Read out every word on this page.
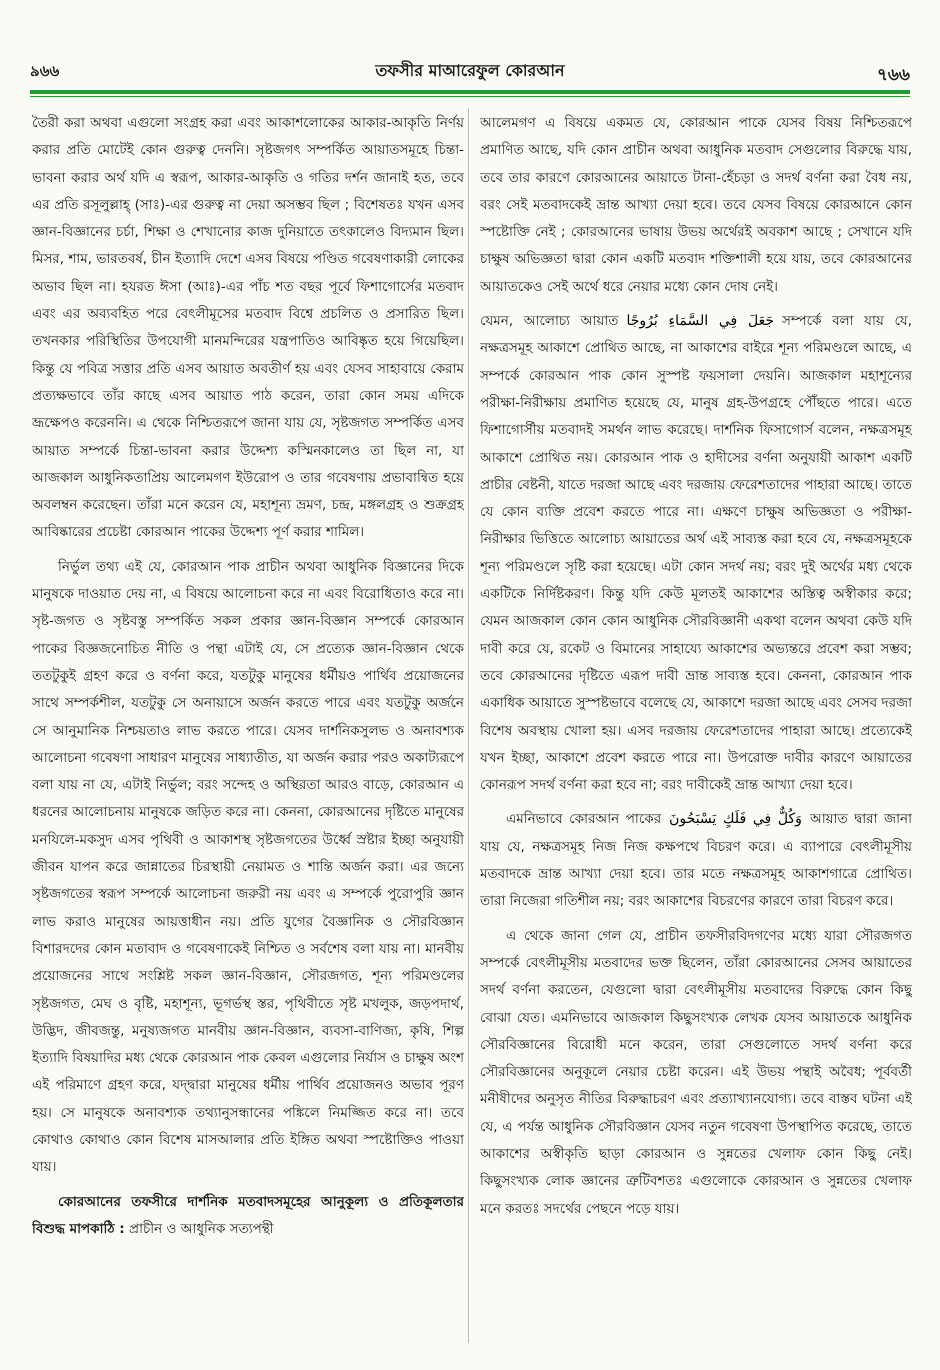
৯৬৬	তফসীর মাআরেফুল কোরআন	৭৬৬

তৈরী করা অথবা এগুলো সংগ্রহ করা এবং আকাশলোকের আকার-আকৃতি নির্ণয় করার প্রতি মোটেই কোন গুরুত্ব দেননি। সৃষ্টজগৎ সম্পর্কিত আয়াতসমূহে চিন্তা-ভাবনা করার অর্থ যদি এ স্বরূপ, আকার-আকৃতি ও গতির দর্শন জানাই হত, তবে এর প্রতি রসূলুল্লাহ্ (সাঃ)-এর গুরুত্ব না দেয়া অসম্ভব ছিল ; বিশেষতঃ যখন এসব জ্ঞান-বিজ্ঞানের চর্চা, শিক্ষা ও শেখানোর কাজ দুনিয়াতে তৎকালেও বিদ্যমান ছিল। মিসর, শাম, ভারতবর্ষ, চীন ইত্যাদি দেশে এসব বিষয়ে পণ্ডিত গবেষণাকারী লোকের অভাব ছিল না। হযরত ঈসা (আঃ)-এর পাঁচ শত বছর পূর্বে ফিশাগোর্সের মতবাদ এবং এর অব্যবহিত পরে বেৎলীমূসের মতবাদ বিশ্বে প্রচলিত ও প্রসারিত ছিল। তখনকার পরিস্থিতির উপযোগী মানমন্দিরের যন্ত্রপাতিও আবিষ্কৃত হয়ে গিয়েছিল। কিন্তু যে পবিত্র সত্তার প্রতি এসব আয়াত অবতীর্ণ হয় এবং যেসব সাহাবায়ে কেরাম প্রত্যক্ষভাবে তাঁর কাছে এসব আয়াত পাঠ করেন, তারা কোন সময় এদিকে ভ্রূক্ষেপও করেননি। এ থেকে নিশ্চিতরূপে জানা যায় যে, সৃষ্টজগত সম্পর্কিত এসব আয়াত সম্পর্কে চিন্তা-ভাবনা করার উদ্দেশ্য কস্মিনকালেও তা ছিল না, যা আজকাল আধুনিকতাপ্রিয় আলেমগণ ইউরোপ ও তার গবেষণায় প্রভাবান্বিত হয়ে অবলম্বন করেছেন। তাঁরা মনে করেন যে, মহাশূন্য ভ্রমণ, চন্দ্র, মঙ্গলগ্রহ ও শুক্রগ্রহ আবিষ্কারের প্রচেষ্টা কোরআন পাকের উদ্দেশ্য পূর্ণ করার শামিল।

নির্ভুল তথ্য এই যে, কোরআন পাক প্রাচীন অথবা আধুনিক বিজ্ঞানের দিকে মানুষকে দাওয়াত দেয় না, এ বিষয়ে আলোচনা করে না এবং বিরোধিতাও করে না। সৃষ্ট-জগত ও সৃষ্টবস্তু সম্পর্কিত সকল প্রকার জ্ঞান-বিজ্ঞান সম্পর্কে কোরআন পাকের বিজ্ঞজনোচিত নীতি ও পন্থা এটাই যে, সে প্রত্যেক জ্ঞান-বিজ্ঞান থেকে ততটুকুই গ্রহণ করে ও বর্ণনা করে, যতটুকু মানুষের ধর্মীয়ও পার্থিব প্রয়োজনের সাথে সম্পর্কশীল, যতটুকু সে অনায়াসে অর্জন করতে পারে এবং যতটুকু অর্জনে সে আনুমানিক নিশ্চয়তাও লাভ করতে পারে। যেসব দার্শনিকসুলভ ও অনাবশ্যক আলোচনা গবেষণা সাধারণ মানুষের সাধ্যাতীত, যা অর্জন করার পরও অকাট্যরূপে বলা যায় না যে, এটাই নির্ভুল; বরং সন্দেহ ও অস্থিরতা আরও বাড়ে, কোরআন এ ধরনের আলোচনায় মানুষকে জড়িত করে না। কেননা, কোরআনের দৃষ্টিতে মানুষের মনযিলে-মকসুদ এসব পৃথিবী ও আকাশস্থ সৃষ্টজগতের উর্ধ্বে স্রষ্টার ইচ্ছা অনুযায়ী জীবন যাপন করে জান্নাতের চিরস্থায়ী নেয়ামত ও শান্তি অর্জন করা। এর জন্যে সৃষ্টজগতের স্বরূপ সম্পর্কে আলোচনা জরুরী নয় এবং এ সম্পর্কে পুরোপুরি জ্ঞান লাভ করাও মানুষের আয়ত্তাধীন নয়। প্রতি যুগের বৈজ্ঞানিক ও সৌরবিজ্ঞান বিশারদদের কোন মতাবাদ ও গবেষণাকেই নিশ্চিত ও সর্বশেষ বলা যায় না। মানবীয় প্রয়োজনের সাথে সংশ্লিষ্ট সকল জ্ঞান-বিজ্ঞান, সৌরজগত, শূন্য পরিমণ্ডলের সৃষ্টজগত, মেঘ ও বৃষ্টি, মহাশূন্য, ভূগর্ভস্থ স্তর, পৃথিবীতে সৃষ্ট মখলুক, জড়পদার্থ, উদ্ভিদ, জীবজন্তু, মনুষ্যজগত মানবীয় জ্ঞান-বিজ্ঞান, ব্যবসা-বাণিজ্য, কৃষি, শিল্প ইত্যাদি বিষয়াদির মধ্য থেকে কোরআন পাক কেবল এগুলোর নির্যাস ও চাক্ষুষ অংশ এই পরিমাণে গ্রহণ করে, যদ্দ্বারা মানুষের ধর্মীয় পার্থিব প্রয়োজনও অভাব পূরণ হয়। সে মানুষকে অনাবশ্যক তথ্যানুসন্ধানের পঙ্কিলে নিমজ্জিত করে না। তবে কোথাও কোথাও কোন বিশেষ মাসআলার প্রতি ইঙ্গিত অথবা স্পষ্টোক্তিও পাওয়া যায়।

কোরআনের তফসীরে দার্শনিক মতবাদসমূহের আনুকূল্য ও প্রতিকূলতার বিশুদ্ধ মাপকাঠি : প্রাচীন ও আধুনিক সত্যপন্থী

আলেমগণ এ বিষয়ে একমত যে, কোরআন পাকে যেসব বিষয় নিশ্চিতরূপে প্রমাণিত আছে, যদি কোন প্রাচীন অথবা আধুনিক মতবাদ সেগুলোর বিরুদ্ধে যায়, তবে তার কারণে কোরআনের আয়াতে টানা-হেঁচড়া ও সদর্থ বর্ণনা করা বৈধ নয়, বরং সেই মতবাদকেই ভ্রান্ত আখ্যা দেয়া হবে। তবে যেসব বিষয়ে কোরআনে কোন স্পষ্টোক্তি নেই ; কোরআনের ভাষায় উভয় অর্থেরই অবকাশ আছে ; সেখানে যদি চাক্ষুষ অভিজ্ঞতা দ্বারা কোন একটি মতবাদ শক্তিশালী হয়ে যায়, তবে কোরআনের আয়াতকেও সেই অর্থে ধরে নেয়ার মধ্যে কোন দোষ নেই।

যেমন, আলোচ্য আয়াত جَعَلَ فِي السَّمَاءِ بُرُوجًا সম্পর্কে বলা যায় যে, নক্ষত্রসমূহ আকাশে প্রোথিত আছে, না আকাশের বাইরে শূন্য পরিমণ্ডলে আছে, এ সম্পর্কে কোরআন পাক কোন সুস্পষ্ট ফয়সালা দেয়নি। আজকাল মহাশূন্যের পরীক্ষা-নিরীক্ষায় প্রমাণিত হয়েছে যে, মানুষ গ্রহ-উপগ্রহে পৌঁছতে পারে। এতে ফিশাগোর্সীয় মতবাদই সমর্থন লাভ করেছে। দার্শনিক ফিসাগোর্স বলেন, নক্ষত্রসমূহ আকাশে প্রোথিত নয়। কোরআন পাক ও হাদীসের বর্ণনা অনুযায়ী আকাশ একটি প্রাচীর বেষ্টনী, যাতে দরজা আছে এবং দরজায় ফেরেশতাদের পাহারা আছে। তাতে যে কোন ব্যক্তি প্রবেশ করতে পারে না। এক্ষণে চাক্ষুষ অভিজ্ঞতা ও পরীক্ষা-নিরীক্ষার ভিত্তিতে আলোচ্য আয়াতের অর্থ এই সাব্যস্ত করা হবে যে, নক্ষত্রসমূহকে শূন্য পরিমণ্ডলে সৃষ্টি করা হয়েছে। এটা কোন সদর্থ নয়; বরং দুই অর্থের মধ্য থেকে একটিকে নির্দিষ্টকরণ। কিন্তু যদি কেউ মূলতই আকাশের অস্তিত্ব অস্বীকার করে; যেমন আজকাল কোন কোন আধুনিক সৌরবিজ্ঞানী একথা বলেন অথবা কেউ যদি দাবী করে যে, রকেট ও বিমানের সাহায্যে আকাশের অভ্যন্তরে প্রবেশ করা সম্ভব; তবে কোরআনের দৃষ্টিতে এরূপ দাবী ভ্রান্ত সাব্যস্ত হবে। কেননা, কোরআন পাক একাধিক আয়াতে সুস্পষ্টভাবে বলেছে যে, আকাশে দরজা আছে এবং সেসব দরজা বিশেষ অবস্থায় খোলা হয়। এসব দরজায় ফেরেশতাদের পাহারা আছে। প্রত্যেকেই যখন ইচ্ছা, আকাশে প্রবেশ করতে পারে না। উপরোক্ত দাবীর কারণে আয়াতের কোনরূপ সদর্থ বর্ণনা করা হবে না; বরং দাবীকেই ভ্রান্ত আখ্যা দেয়া হবে।

এমনিভাবে কোরআন পাকের وَكُلٌّ فِي فَلَكٍ يَسْبَحُونَ আয়াত দ্বারা জানা যায় যে, নক্ষত্রসমূহ নিজ নিজ কক্ষপথে বিচরণ করে। এ ব্যাপারে বেৎলীমূসীয় মতবাদকে ভ্রান্ত আখ্যা দেয়া হবে। তার মতে নক্ষত্রসমূহ আকাশগাত্রে প্রোথিত। তারা নিজেরা গতিশীল নয়; বরং আকাশের বিচরণের কারণে তারা বিচরণ করে।

এ থেকে জানা গেল যে, প্রাচীন তফসীরবিদগণের মধ্যে যারা সৌরজগত সম্পর্কে বেৎলীমূসীয় মতবাদের ভক্ত ছিলেন, তাঁরা কোরআনের সেসব আয়াতের সদর্থ বর্ণনা করতেন, যেগুলো দ্বারা বেৎলীমূসীয় মতবাদের বিরুদ্ধে কোন কিছু বোঝা যেত। এমনিভাবে আজকাল কিছুসংখ্যক লেখক যেসব আয়াতকে আধুনিক সৌরবিজ্ঞানের বিরোধী মনে করেন, তারা সেগুলোতে সদর্থ বর্ণনা করে সৌরবিজ্ঞানের অনুকূলে নেয়ার চেষ্টা করেন। এই উভয় পন্থাই অবৈধ; পূর্ববর্তী মনীষীদের অনুসৃত নীতির বিরুদ্ধাচরণ এবং প্রত্যাখ্যানযোগ্য। তবে বাস্তব ঘটনা এই যে, এ পর্যন্ত আধুনিক সৌরবিজ্ঞান যেসব নতুন গবেষণা উপস্থাপিত করেছে, তাতে আকাশের অস্বীকৃতি ছাড়া কোরআন ও সুন্নতের খেলাফ কোন কিছু নেই। কিছুসংখ্যক লোক জ্ঞানের ত্রুটিবশতঃ এগুলোকে কোরআন ও সুন্নতের খেলাফ মনে করতঃ সদর্থের পেছনে পড়ে যায়।
